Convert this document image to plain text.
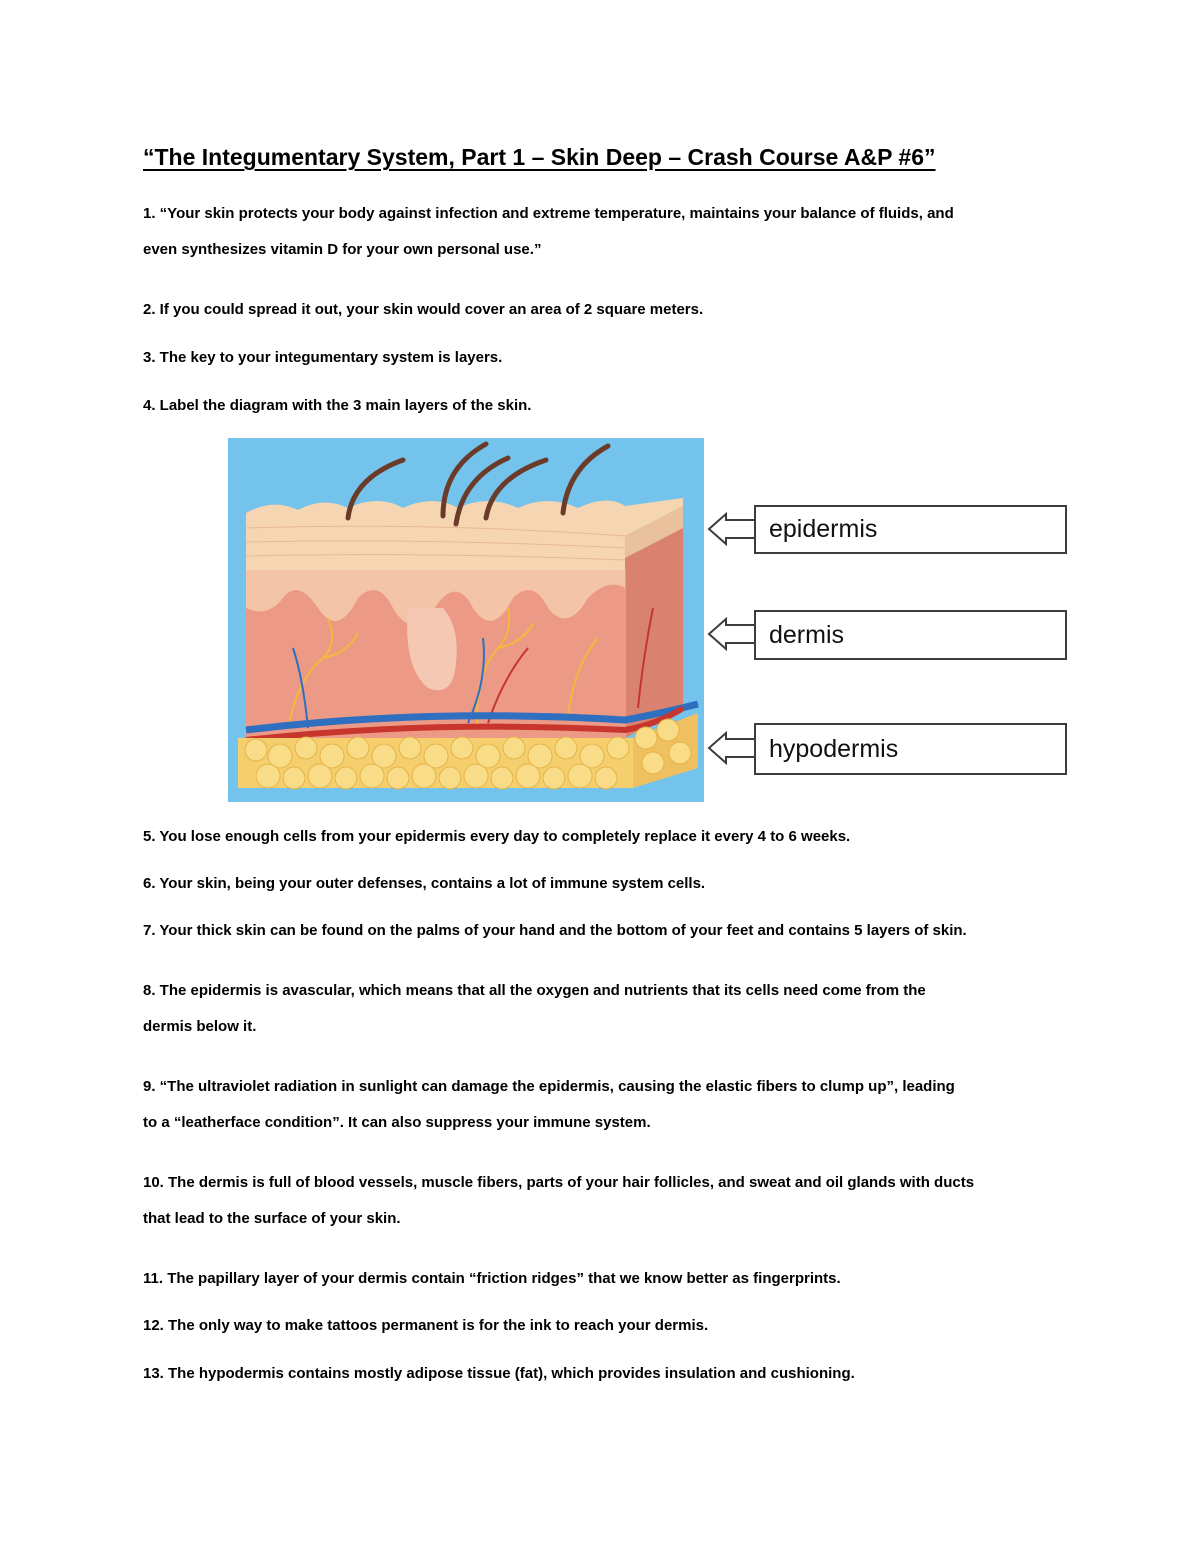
“The Integumentary System, Part 1 – Skin Deep – Crash Course A&P #6”
1. “Your skin protects your body against infection and extreme temperature, maintains your balance of fluids, and
even synthesizes vitamin D for your own personal use.”
2. If you could spread it out, your skin would cover an area of 2 square meters.
3. The key to your integumentary system is layers.
4. Label the diagram with the 3 main layers of the skin.
epidermis
dermis
hypodermis
5. You lose enough cells from your epidermis every day to completely replace it every 4 to 6 weeks.
6. Your skin, being your outer defenses, contains a lot of immune system cells.
7. Your thick skin can be found on the palms of your hand and the bottom of your feet and contains 5 layers of skin.
8. The epidermis is avascular, which means that all the oxygen and nutrients that its cells need come from the
dermis below it.
9. “The ultraviolet radiation in sunlight can damage the epidermis, causing the elastic fibers to clump up”, leading
to a “leatherface condition”. It can also suppress your immune system.
10. The dermis is full of blood vessels, muscle fibers, parts of your hair follicles, and sweat and oil glands with ducts
that lead to the surface of your skin.
11. The papillary layer of your dermis contain “friction ridges” that we know better as fingerprints.
12. The only way to make tattoos permanent is for the ink to reach your dermis.
13. The hypodermis contains mostly adipose tissue (fat), which provides insulation and cushioning.
